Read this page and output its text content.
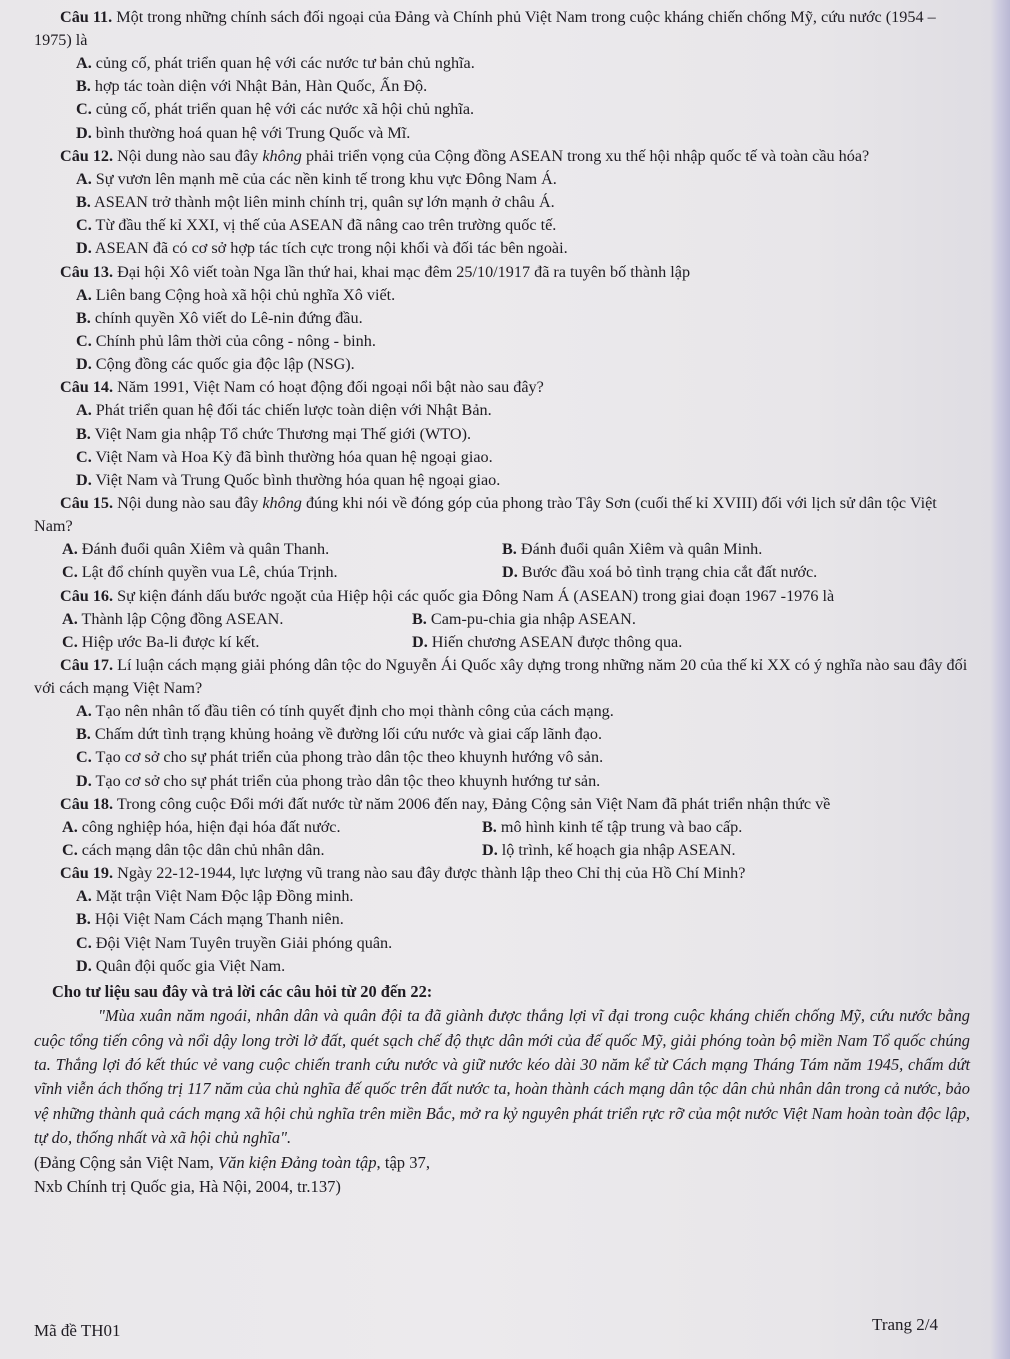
Câu 11. Một trong những chính sách đối ngoại của Đảng và Chính phủ Việt Nam trong cuộc kháng chiến chống Mỹ, cứu nước (1954 – 1975) là
A. củng cố, phát triển quan hệ với các nước tư bản chủ nghĩa.
B. hợp tác toàn diện với Nhật Bản, Hàn Quốc, Ấn Độ.
C. củng cố, phát triển quan hệ với các nước xã hội chủ nghĩa.
D. bình thường hoá quan hệ với Trung Quốc và Mĩ.
Câu 12. Nội dung nào sau đây không phải triển vọng của Cộng đồng ASEAN trong xu thế hội nhập quốc tế và toàn cầu hóa?
A. Sự vươn lên mạnh mẽ của các nền kinh tế trong khu vực Đông Nam Á.
B. ASEAN trở thành một liên minh chính trị, quân sự lớn mạnh ở châu Á.
C. Từ đầu thế kỉ XXI, vị thế của ASEAN đã nâng cao trên trường quốc tế.
D. ASEAN đã có cơ sở hợp tác tích cực trong nội khối và đối tác bên ngoài.
Câu 13. Đại hội Xô viết toàn Nga lần thứ hai, khai mạc đêm 25/10/1917 đã ra tuyên bố thành lập
A. Liên bang Cộng hoà xã hội chủ nghĩa Xô viết.
B. chính quyền Xô viết do Lê-nin đứng đầu.
C. Chính phủ lâm thời của công - nông - binh.
D. Cộng đồng các quốc gia độc lập (NSG).
Câu 14. Năm 1991, Việt Nam có hoạt động đối ngoại nổi bật nào sau đây?
A. Phát triển quan hệ đối tác chiến lược toàn diện với Nhật Bản.
B. Việt Nam gia nhập Tổ chức Thương mại Thế giới (WTO).
C. Việt Nam và Hoa Kỳ đã bình thường hóa quan hệ ngoại giao.
D. Việt Nam và Trung Quốc bình thường hóa quan hệ ngoại giao.
Câu 15. Nội dung nào sau đây không đúng khi nói về đóng góp của phong trào Tây Sơn (cuối thế kỉ XVIII) đối với lịch sử dân tộc Việt Nam?
A. Đánh đuổi quân Xiêm và quân Thanh.	B. Đánh đuổi quân Xiêm và quân Minh.
C. Lật đổ chính quyền vua Lê, chúa Trịnh.	D. Bước đầu xoá bỏ tình trạng chia cắt đất nước.
Câu 16. Sự kiện đánh dấu bước ngoặt của Hiệp hội các quốc gia Đông Nam Á (ASEAN) trong giai đoạn 1967 -1976 là
A. Thành lập Cộng đồng ASEAN.	B. Cam-pu-chia gia nhập ASEAN.
C. Hiệp ước Ba-li được kí kết.	D. Hiến chương ASEAN được thông qua.
Câu 17. Lí luận cách mạng giải phóng dân tộc do Nguyễn Ái Quốc xây dựng trong những năm 20 của thế kỉ XX có ý nghĩa nào sau đây đối với cách mạng Việt Nam?
A. Tạo nên nhân tố đầu tiên có tính quyết định cho mọi thành công của cách mạng.
B. Chấm dứt tình trạng khủng hoảng về đường lối cứu nước và giai cấp lãnh đạo.
C. Tạo cơ sở cho sự phát triển của phong trào dân tộc theo khuynh hướng vô sản.
D. Tạo cơ sở cho sự phát triển của phong trào dân tộc theo khuynh hướng tư sản.
Câu 18. Trong công cuộc Đổi mới đất nước từ năm 2006 đến nay, Đảng Cộng sản Việt Nam đã phát triển nhận thức về
A. công nghiệp hóa, hiện đại hóa đất nước.	B. mô hình kinh tế tập trung và bao cấp.
C. cách mạng dân tộc dân chủ nhân dân.	D. lộ trình, kế hoạch gia nhập ASEAN.
Câu 19. Ngày 22-12-1944, lực lượng vũ trang nào sau đây được thành lập theo Chỉ thị của Hồ Chí Minh?
A. Mặt trận Việt Nam Độc lập Đồng minh.
B. Hội Việt Nam Cách mạng Thanh niên.
C. Đội Việt Nam Tuyên truyền Giải phóng quân.
D. Quân đội quốc gia Việt Nam.
Cho tư liệu sau đây và trả lời các câu hỏi từ 20 đến 22:
"Mùa xuân năm ngoái, nhân dân và quân đội ta đã giành được thắng lợi vĩ đại trong cuộc kháng chiến chống Mỹ, cứu nước bằng cuộc tổng tiến công và nổi dậy long trời lở đất, quét sạch chế độ thực dân mới của đế quốc Mỹ, giải phóng toàn bộ miền Nam Tổ quốc chúng ta. Thắng lợi đó kết thúc vẻ vang cuộc chiến tranh cứu nước và giữ nước kéo dài 30 năm kể từ Cách mạng Tháng Tám năm 1945, chấm dứt vĩnh viễn ách thống trị 117 năm của chủ nghĩa đế quốc trên đất nước ta, hoàn thành cách mạng dân tộc dân chủ nhân dân trong cả nước, bảo vệ những thành quả cách mạng xã hội chủ nghĩa trên miền Bắc, mở ra kỷ nguyên phát triển rực rỡ của một nước Việt Nam hoàn toàn độc lập, tự do, thống nhất và xã hội chủ nghĩa".
(Đảng Cộng sản Việt Nam, Văn kiện Đảng toàn tập, tập 37,
Nxb Chính trị Quốc gia, Hà Nội, 2004, tr.137)
Mã đề TH01	Trang 2/4
